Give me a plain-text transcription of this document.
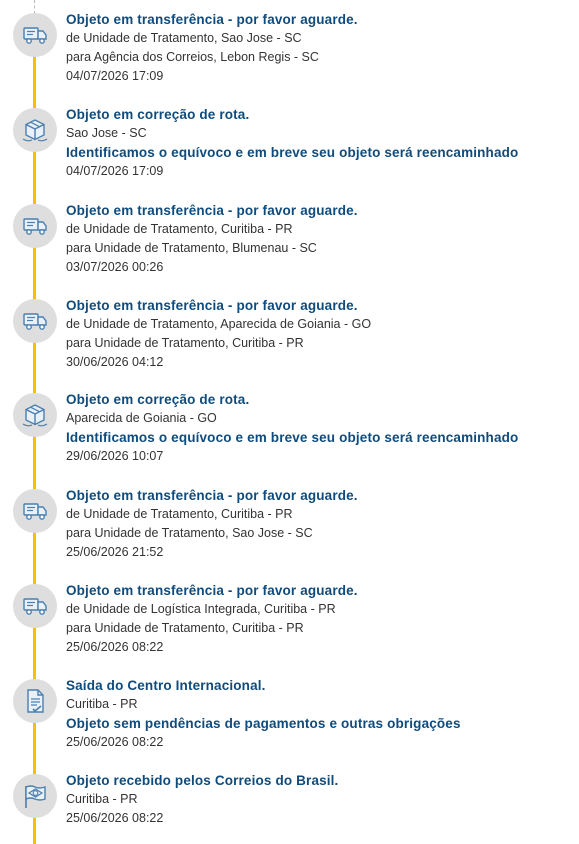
Objeto em transferência - por favor aguarde.
de Unidade de Tratamento, Sao Jose - SC
para Agência dos Correios, Lebon Regis - SC
04/07/2026 17:09
Objeto em correção de rota.
Sao Jose - SC
Identificamos o equívoco e em breve seu objeto será reencaminhado
04/07/2026 17:09
Objeto em transferência - por favor aguarde.
de Unidade de Tratamento, Curitiba - PR
para Unidade de Tratamento, Blumenau - SC
03/07/2026 00:26
Objeto em transferência - por favor aguarde.
de Unidade de Tratamento, Aparecida de Goiania - GO
para Unidade de Tratamento, Curitiba - PR
30/06/2026 04:12
Objeto em correção de rota.
Aparecida de Goiania - GO
Identificamos o equívoco e em breve seu objeto será reencaminhado
29/06/2026 10:07
Objeto em transferência - por favor aguarde.
de Unidade de Tratamento, Curitiba - PR
para Unidade de Tratamento, Sao Jose - SC
25/06/2026 21:52
Objeto em transferência - por favor aguarde.
de Unidade de Logística Integrada, Curitiba - PR
para Unidade de Tratamento, Curitiba - PR
25/06/2026 08:22
Saída do Centro Internacional.
Curitiba - PR
Objeto sem pendências de pagamentos e outras obrigações
25/06/2026 08:22
Objeto recebido pelos Correios do Brasil.
Curitiba - PR
25/06/2026 08:22
